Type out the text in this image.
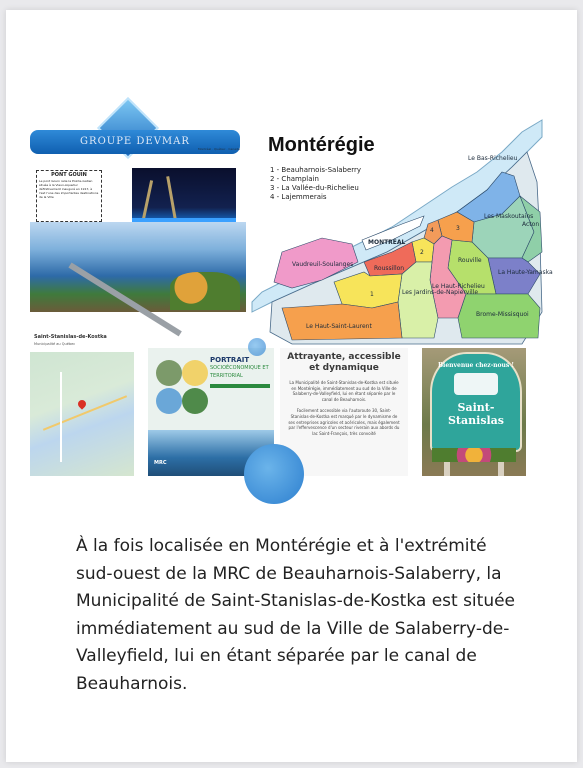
GROUPE DEVMAR
Montréal · Québec · Canada
PONT GOUIN
Le pont Gouin relie la Pointe-Gatien située à la Vieux-Aqueduc définitivement inauguré en 1917, à l'est l'une des importantes destinations de la Ville
Le Bas-Richelieu
Les Maskoutains
Acton
MONTRÉAL
Vaudreuil-Soulanges
Roussillon
Rouville
La Haute-Yamaska
Les Jardins-de-Napierville
Le Haut-Richelieu
Brome-Missisquoi
Le Haut-Saint-Laurent
1
2
3
4
Montérégie
1 - Beauharnois-Salaberry
2 - Champlain
3 - La Vallée-du-Richelieu
4 - Lajemmerais
Saint-Stanislas-de-Kostka
Municipalité au Québec
PORTRAIT
SOCIOÉCONOMIQUE ET TERRITORIAL
MRC
Attrayante, accessible et dynamique

La Municipalité de Saint-Stanislas-de-Kostka est située en Montérégie, immédiatement au sud de la Ville de Salaberry-de-Valleyfield, lui en étant séparée par le canal de Beauharnois.

Facilement accessible via l'autoroute 30, Saint-Stanislas-de-Kostka est marqué par le dynamisme de ses entreprises agricoles et acéricoles, mais également par l'effervescence d'un secteur riverain aux abords du lac Saint-François, très convoité

Bienvenue chez-nous !
Saint-Stanislas
À la fois localisée en Montérégie et à l'extrémité sud-ouest de la MRC de Beauharnois-Salaberry, la Municipalité de Saint-Stanislas-de-Kostka est située immédiatement au sud de la Ville de Salaberry-de-Valleyfield, lui en étant séparée par le canal de Beauharnois.
